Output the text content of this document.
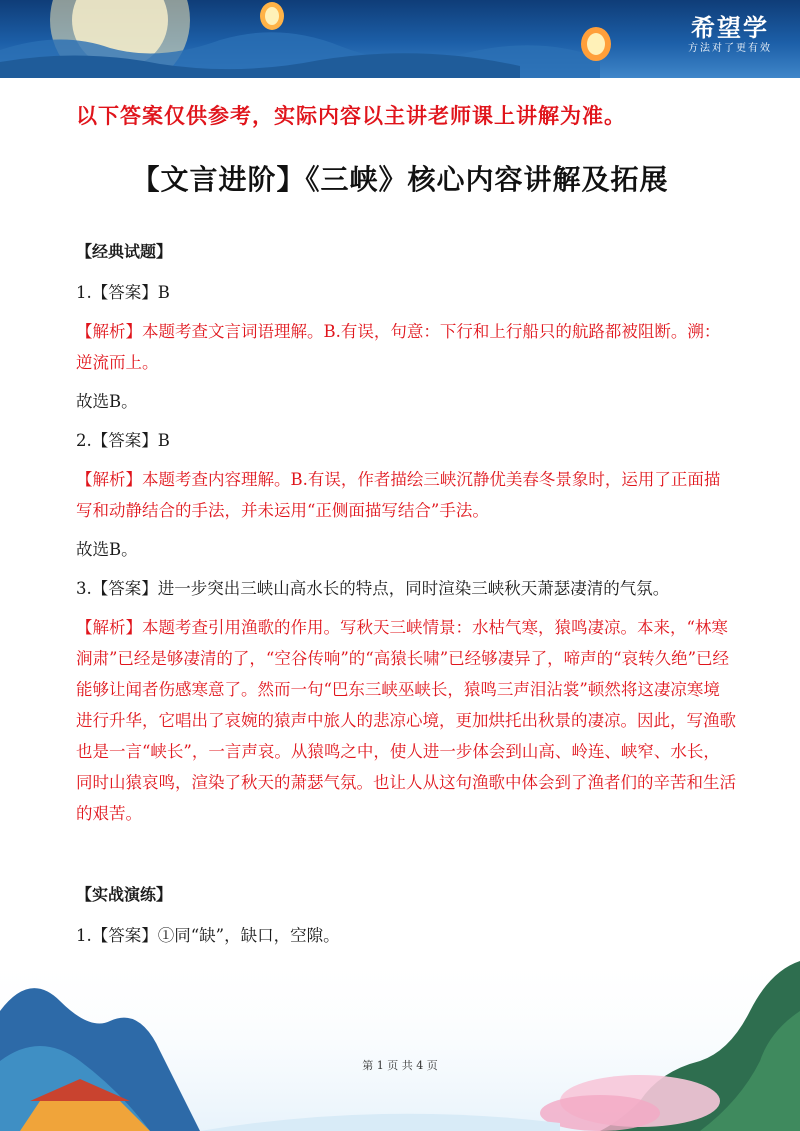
希望学
方法对了更有效
以下答案仅供参考，实际内容以主讲老师课上讲解为准。
【文言进阶】《三峡》核心内容讲解及拓展
【经典试题】
1.【答案】B
【解析】本题考查文言词语理解。B.有误，句意：下行和上行船只的航路都被阻断。溯：逆流而上。
故选B。
2.【答案】B
【解析】本题考查内容理解。B.有误，作者描绘三峡沉静优美春冬景象时，运用了正面描写和动静结合的手法，并未运用“正侧面描写结合”手法。
故选B。
3.【答案】进一步突出三峡山高水长的特点，同时渲染三峡秋天萧瑟凄清的气氛。
【解析】本题考查引用渔歌的作用。写秋天三峡情景：水枯气寒，猿鸣凄凉。本来，“林寒涧肃”已经是够凄清的了，“空谷传响”的“高猿长啸”已经够凄异了，啼声的“哀转久绝”已经能够让闻者伤感寒意了。然而一句“巴东三峡巫峡长，猿鸣三声泪沾裳”顿然将这凄凉寒境进行升华，它唱出了哀婉的猿声中旅人的悲凉心境，更加烘托出秋景的凄凉。因此，写渔歌也是一言“峡长”，一言声哀。从猿鸣之中，使人进一步体会到山高、岭连、峡窄、水长，同时山猿哀鸣，渲染了秋天的萧瑟气氛。也让人从这句渔歌中体会到了渔者们的辛苦和生活的艰苦。
【实战演练】
1.【答案】①同“缺”，缺口，空隙。
第 1 页 共 4 页
